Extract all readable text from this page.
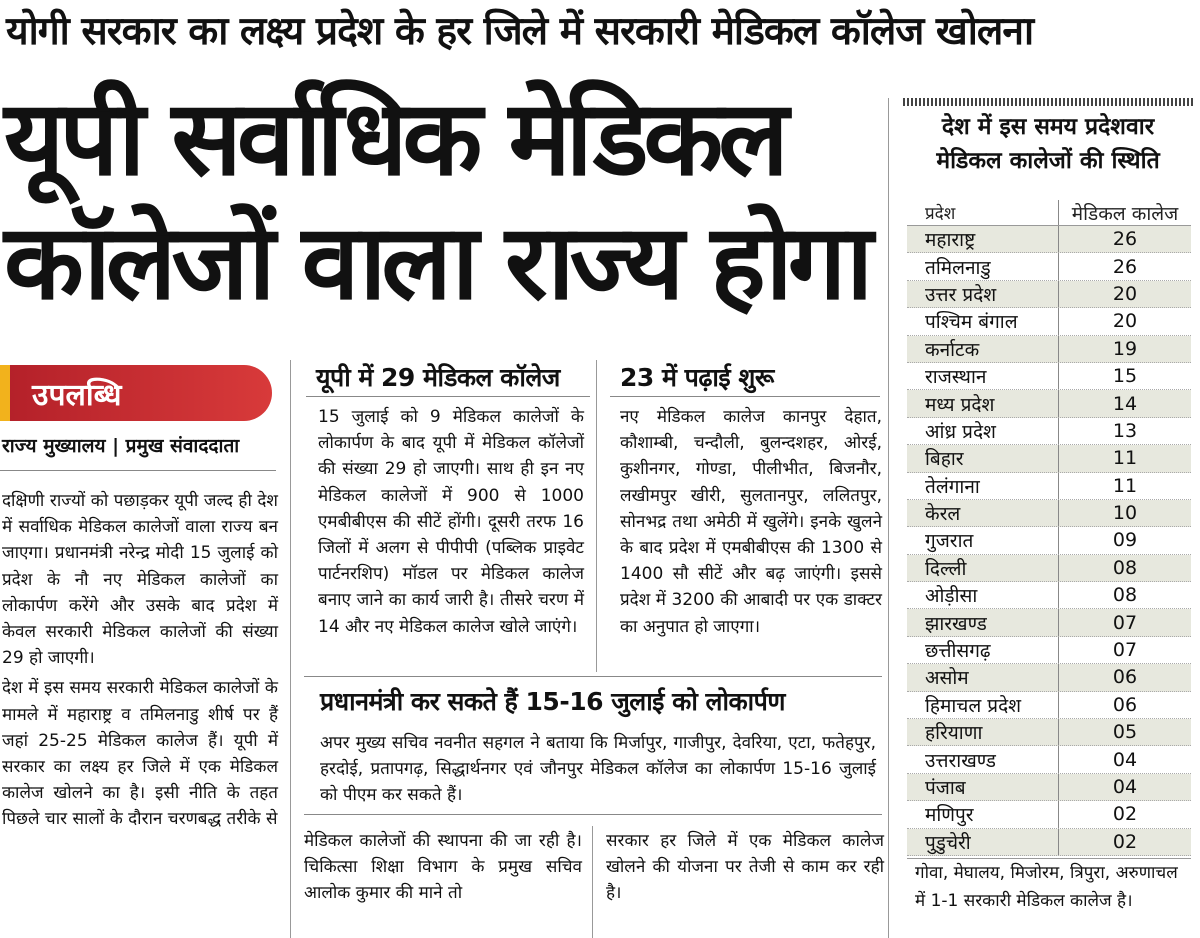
योगी सरकार का लक्ष्य प्रदेश के हर जिले में सरकारी मेडिकल कॉलेज खोलना
यूपी सर्वाधिक मेडिकल
कॉलेजों वाला राज्य होगा
उपलब्धि
राज्य मुख्यालय | प्रमुख संवाददाता

दक्षिणी राज्यों को पछाड़कर यूपी जल्द ही देश में सर्वाधिक मेडिकल कालेजों वाला राज्य बन जाएगा। प्रधानमंत्री नरेन्द्र मोदी 15 जुलाई को प्रदेश के नौ नए मेडिकल कालेजों का लोकार्पण करेंगे और उसके बाद प्रदेश में केवल सरकारी मेडिकल कालेजों की संख्या 29 हो जाएगी।

देश में इस समय सरकारी मेडिकल कालेजों के मामले में महाराष्ट्र व तमिलनाडु शीर्ष पर हैं जहां 25-25 मेडिकल कालेज हैं। यूपी में सरकार का लक्ष्य हर जिले में एक मेडिकल कालेज खोलने का है। इसी नीति के तहत पिछले चार सालों के दौरान चरणबद्ध तरीके से

यूपी में 29 मेडिकल कॉलेज
15 जुलाई को 9 मेडिकल कालेजों के लोकार्पण के बाद यूपी में मेडिकल कॉलेजों की संख्या 29 हो जाएगी। साथ ही इन नए मेडिकल कालेजों में 900 से 1000 एमबीबीएस की सीटें होंगी। दूसरी तरफ 16 जिलों में अलग से पीपीपी (पब्लिक प्राइवेट पार्टनरशिप) मॉडल पर मेडिकल कालेज बनाए जाने का कार्य जारी है। तीसरे चरण में 14 और नए मेडिकल कालेज खोले जाएंगे।
23 में पढ़ाई शुरू
नए मेडिकल कालेज कानपुर देहात, कौशाम्बी, चन्दौली, बुलन्दशहर, ओरई, कुशीनगर, गोण्डा, पीलीभीत, बिजनौर, लखीमपुर खीरी, सुलतानपुर, ललितपुर, सोनभद्र तथा अमेठी में खुलेंगे। इनके खुलने के बाद प्रदेश में एमबीबीएस की 1300 से 1400 सौ सीटें और बढ़ जाएंगी। इससे प्रदेश में 3200 की आबादी पर एक डाक्टर का अनुपात हो जाएगा।
प्रधानमंत्री कर सकते हैं 15-16 जुलाई को लोकार्पण
अपर मुख्य सचिव नवनीत सहगल ने बताया कि मिर्जापुर, गाजीपुर, देवरिया, एटा, फतेहपुर, हरदोई, प्रतापगढ़, सिद्धार्थनगर एवं जौनपुर मेडिकल कॉलेज का लोकार्पण 15-16 जुलाई को पीएम कर सकते हैं।
मेडिकल कालेजों की स्थापना की जा रही है। चिकित्सा शिक्षा विभाग के प्रमुख सचिव आलोक कुमार की माने तो
सरकार हर जिले में एक मेडिकल कालेज खोलने की योजना पर तेजी से काम कर रही है।
देश में इस समय प्रदेशवार
मेडिकल कालेजों की स्थिति
प्रदेश	मेडिकल कालेज
महाराष्ट्र	26
तमिलनाडु	26
उत्तर प्रदेश	20
पश्चिम बंगाल	20
कर्नाटक	19
राजस्थान	15
मध्य प्रदेश	14
आंध्र प्रदेश	13
बिहार	11
तेलंगाना	11
केरल	10
गुजरात	09
दिल्ली	08
ओड़ीसा	08
झारखण्ड	07
छत्तीसगढ़	07
असोम	06
हिमाचल प्रदेश	06
हरियाणा	05
उत्तराखण्ड	04
पंजाब	04
मणिपुर	02
पुडुचेरी	02
गोवा, मेघालय, मिजोरम, त्रिपुरा, अरुणाचल
में 1-1 सरकारी मेडिकल कालेज है।
